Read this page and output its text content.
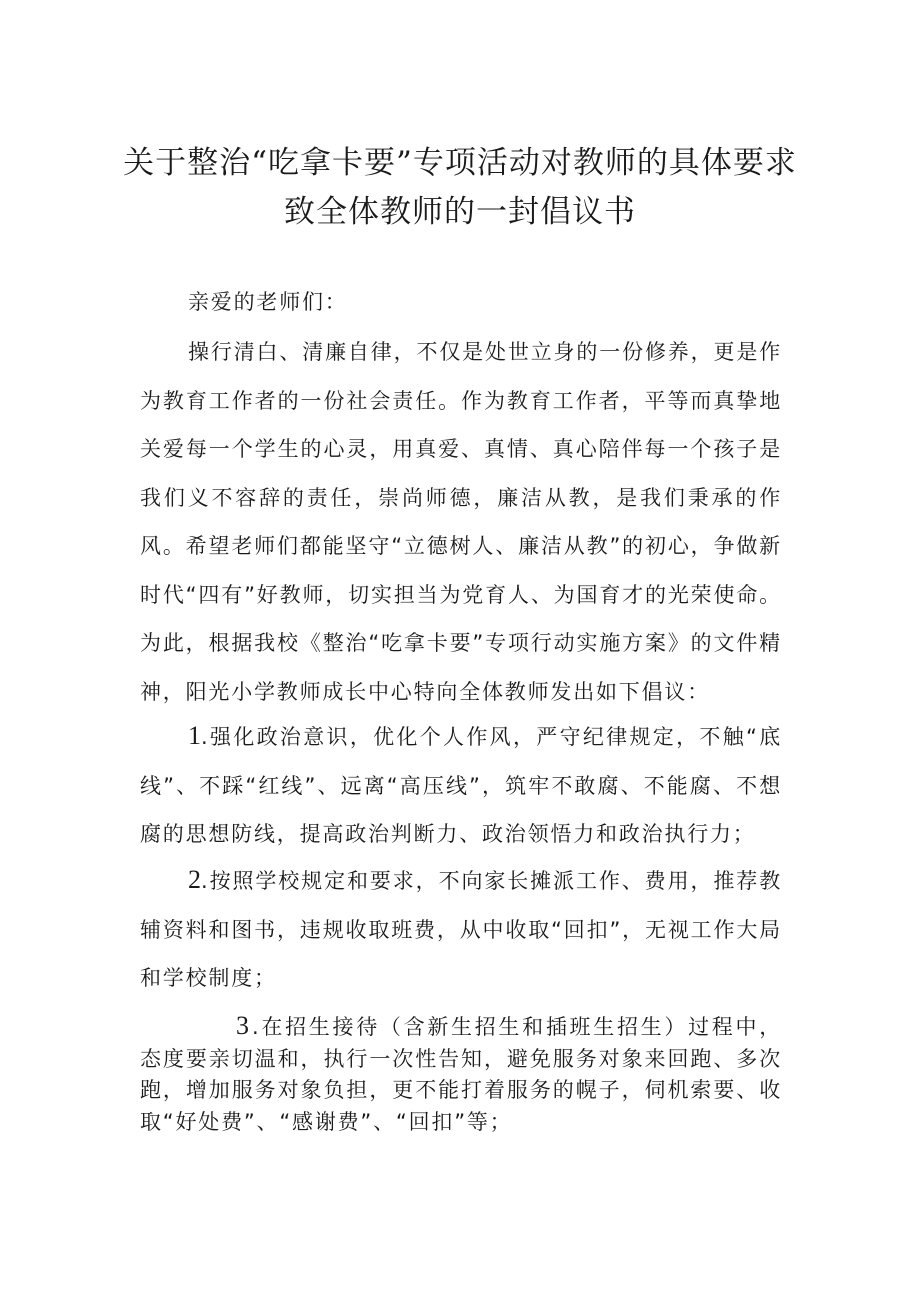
关于整治“吃拿卡要”专项活动对教师的具体要求
致全体教师的一封倡议书

亲爱的老师们：

操行清白、清廉自律，不仅是处世立身的一份修养，更是作为教育工作者的一份社会责任。作为教育工作者，平等而真挚地关爱每一个学生的心灵，用真爱、真情、真心陪伴每一个孩子是我们义不容辞的责任，崇尚师德，廉洁从教，是我们秉承的作风。希望老师们都能坚守“立德树人、廉洁从教”的初心，争做新时代“四有”好教师，切实担当为党育人、为国育才的光荣使命。为此，根据我校《整治“吃拿卡要”专项行动实施方案》的文件精神，阳光小学教师成长中心特向全体教师发出如下倡议：

1.强化政治意识，优化个人作风，严守纪律规定，不触“底线”、不踩“红线”、远离“高压线”，筑牢不敢腐、不能腐、不想腐的思想防线，提高政治判断力、政治领悟力和政治执行力；

2.按照学校规定和要求，不向家长摊派工作、费用，推荐教辅资料和图书，违规收取班费，从中收取“回扣”，无视工作大局和学校制度；

3 .在招生接待（含新生招生和插班生招生）过程中，态度要亲切温和，执行一次性告知，避免服务对象来回跑、多次跑，增加服务对象负担，更不能打着服务的幌子，伺机索要、收取“好处费”、“感谢费”、“回扣”等；
